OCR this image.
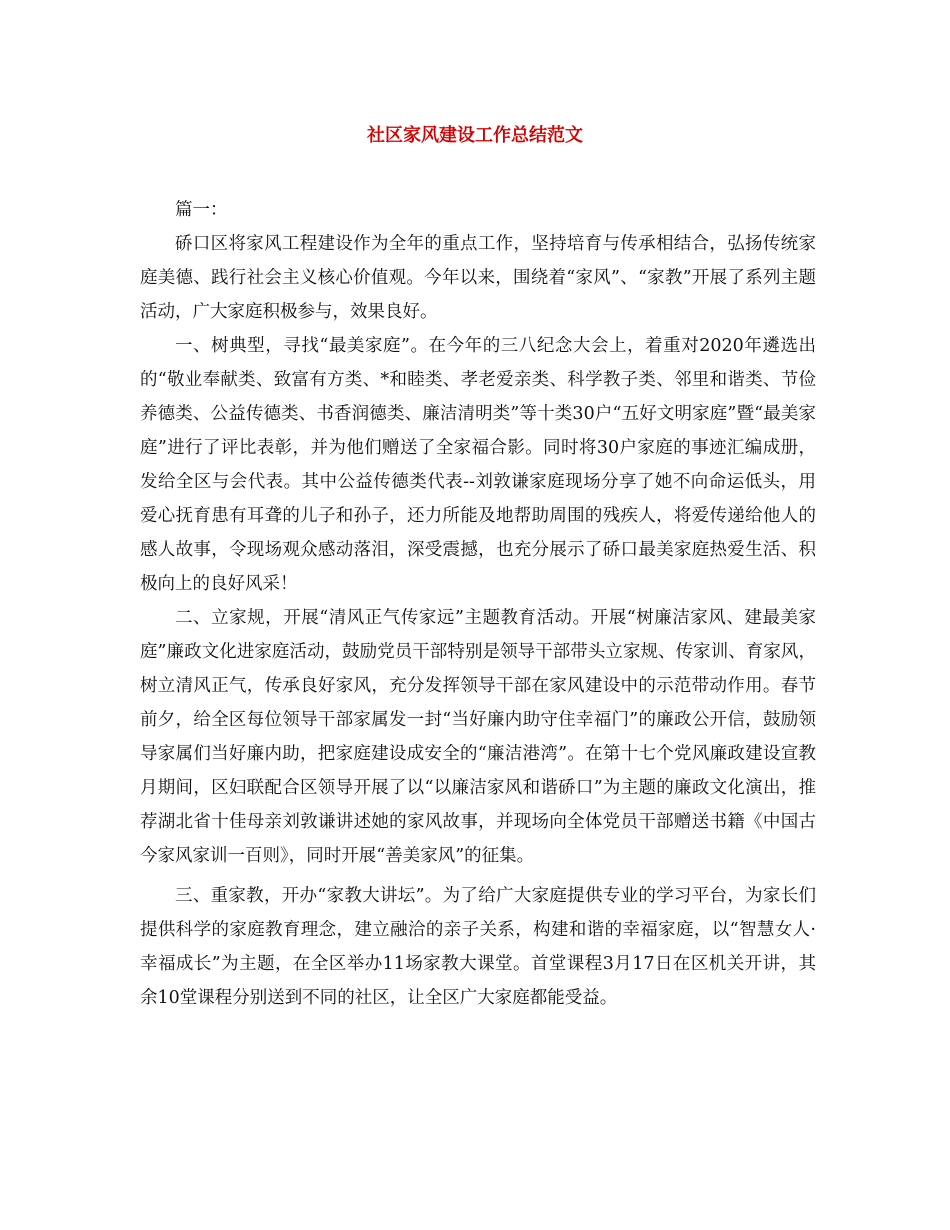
社区家风建设工作总结范文

篇一：

硚口区将家风工程建设作为全年的重点工作，坚持培育与传承相结合，弘扬传统家庭美德、践行社会主义核心价值观。今年以来，围绕着“家风”、“家教”开展了系列主题活动，广大家庭积极参与，效果良好。

一、树典型，寻找“最美家庭”。在今年的三八纪念大会上，着重对2020年遴选出的“敬业奉献类、致富有方类、*和睦类、孝老爱亲类、科学教子类、邻里和谐类、节俭养德类、公益传德类、书香润德类、廉洁清明类”等十类30户“五好文明家庭”暨“最美家庭”进行了评比表彰，并为他们赠送了全家福合影。同时将30户家庭的事迹汇编成册，发给全区与会代表。其中公益传德类代表--刘敦谦家庭现场分享了她不向命运低头，用爱心抚育患有耳聋的儿子和孙子，还力所能及地帮助周围的残疾人，将爱传递给他人的感人故事，令现场观众感动落泪，深受震撼，也充分展示了硚口最美家庭热爱生活、积极向上的良好风采！

二、立家规，开展“清风正气传家远”主题教育活动。开展“树廉洁家风、建最美家庭”廉政文化进家庭活动，鼓励党员干部特别是领导干部带头立家规、传家训、育家风，树立清风正气，传承良好家风，充分发挥领导干部在家风建设中的示范带动作用。春节前夕，给全区每位领导干部家属发一封“当好廉内助守住幸福门”的廉政公开信，鼓励领导家属们当好廉内助，把家庭建设成安全的“廉洁港湾”。在第十七个党风廉政建设宣教月期间，区妇联配合区领导开展了以“以廉洁家风和谐硚口”为主题的廉政文化演出，推荐湖北省十佳母亲刘敦谦讲述她的家风故事，并现场向全体党员干部赠送书籍《中国古今家风家训一百则》，同时开展“善美家风”的征集。

三、重家教，开办“家教大讲坛”。为了给广大家庭提供专业的学习平台，为家长们提供科学的家庭教育理念，建立融洽的亲子关系，构建和谐的幸福家庭，以“智慧女人·幸福成长”为主题，在全区举办11场家教大课堂。首堂课程3月17日在区机关开讲，其余10堂课程分别送到不同的社区，让全区广大家庭都能受益。
